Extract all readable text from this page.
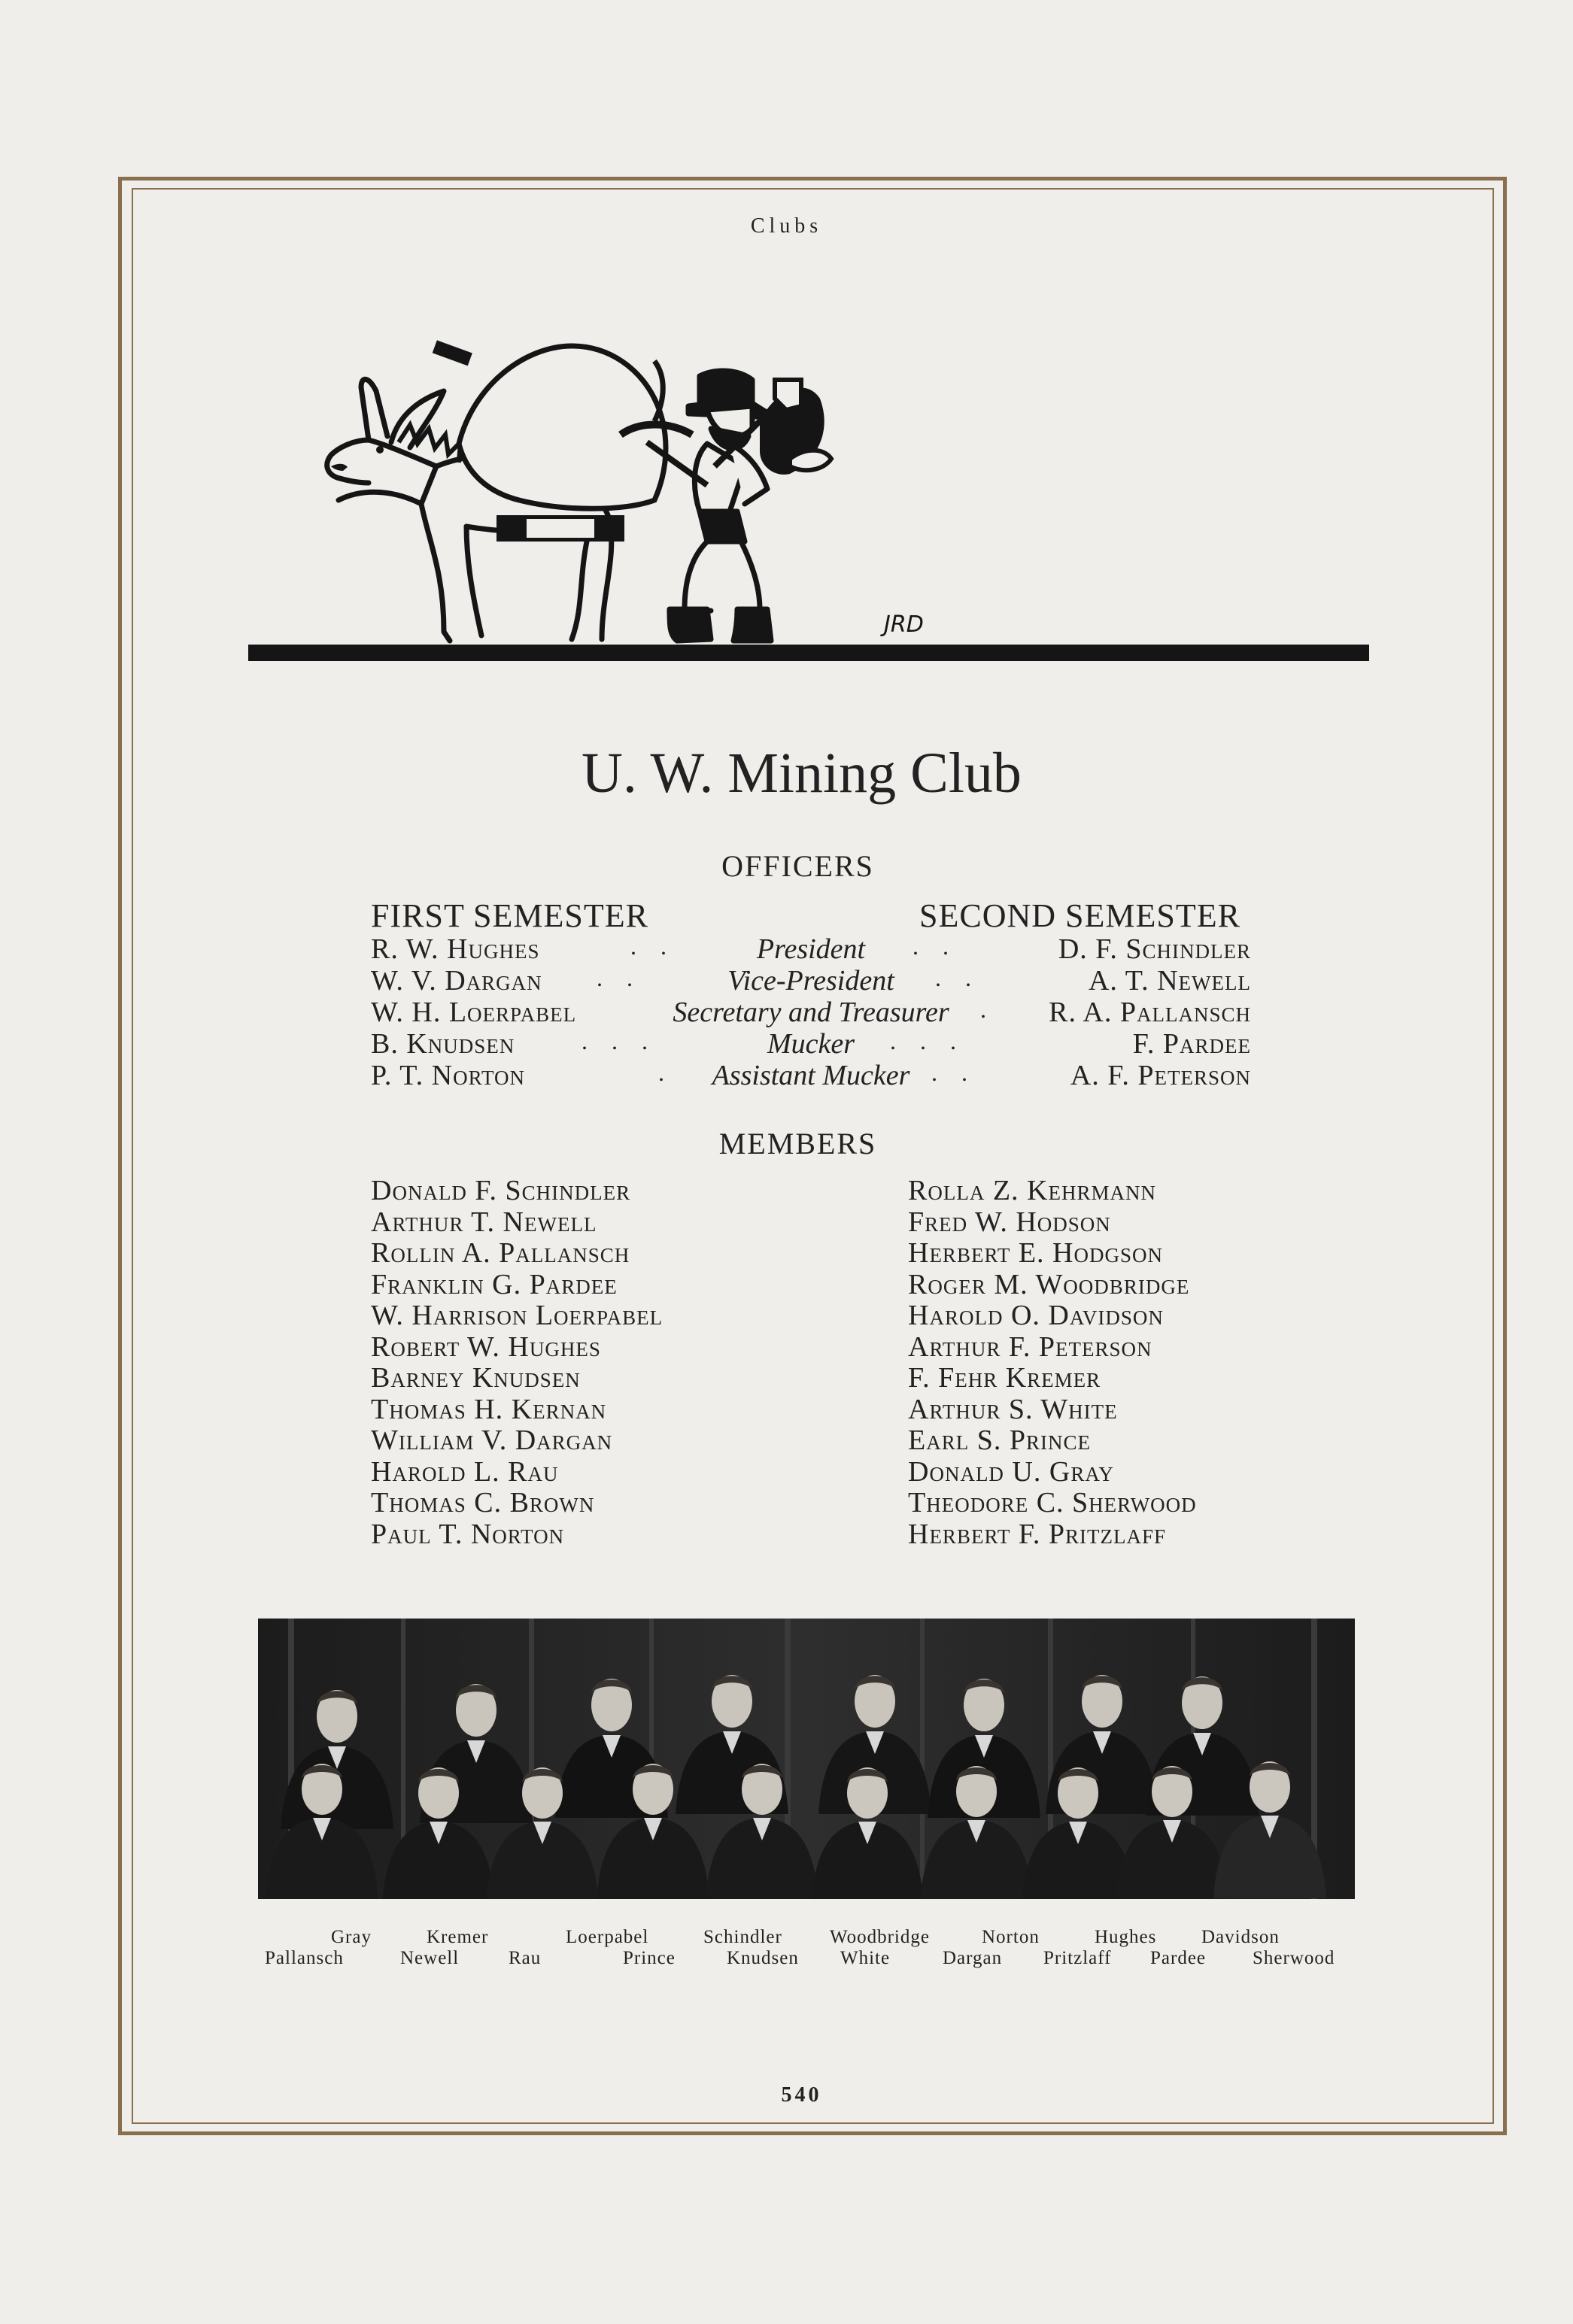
Clubs
JRD
U. W. Mining Club
OFFICERS
FIRST SEMESTER	SECOND SEMESTER
R. W. Hughes	. .	President	. .	D. F. Schindler
W. V. Dargan . .	Vice-President	. .	A. T. Newell
W. H. Loerpabel	Secretary and Treasurer	. R. A. Pallansch
B. Knudsen	. . .	Mucker	. . .	F. Pardee
P. T. Norton	.	Assistant Mucker . .	A. F. Peterson
MEMBERS
Donald F. Schindler
Arthur T. Newell
Rollin A. Pallansch
Franklin G. Pardee
W. Harrison Loerpabel
Robert W. Hughes
Barney Knudsen
Thomas H. Kernan
William V. Dargan
Harold L. Rau
Thomas C. Brown
Paul T. Norton
Rolla Z. Kehrmann
Fred W. Hodson
Herbert E. Hodgson
Roger M. Woodbridge
Harold O. Davidson
Arthur F. Peterson
F. Fehr Kremer
Arthur S. White
Earl S. Prince
Donald U. Gray
Theodore C. Sherwood
Herbert F. Pritzlaff
Gray	Kremer	Loerpabel	Schindler	Woodbridge	Norton	Hughes Davidson
Pallansch	Newell	Rau	Prince	Knudsen White	Dargan Pritzlaff Pardee Sherwood
540
